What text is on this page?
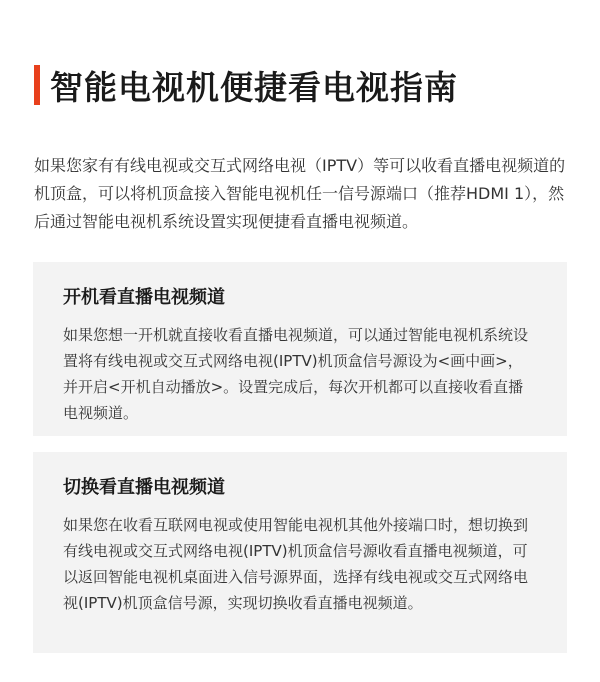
智能电视机便捷看电视指南

如果您家有有线电视或交互式网络电视（IPTV）等可以收看直播电视频道的机顶盒，可以将机顶盒接入智能电视机任一信号源端口（推荐HDMI 1），然后通过智能电视机系统设置实现便捷看直播电视频道。

开机看直播电视频道

如果您想一开机就直接收看直播电视频道，可以通过智能电视机系统设置将有线电视或交互式网络电视(IPTV)机顶盒信号源设为<画中画>，并开启<开机自动播放>。设置完成后，每次开机都可以直接收看直播电视频道。

切换看直播电视频道

如果您在收看互联网电视或使用智能电视机其他外接端口时，想切换到有线电视或交互式网络电视(IPTV)机顶盒信号源收看直播电视频道，可以返回智能电视机桌面进入信号源界面，选择有线电视或交互式网络电视(IPTV)机顶盒信号源，实现切换收看直播电视频道。
